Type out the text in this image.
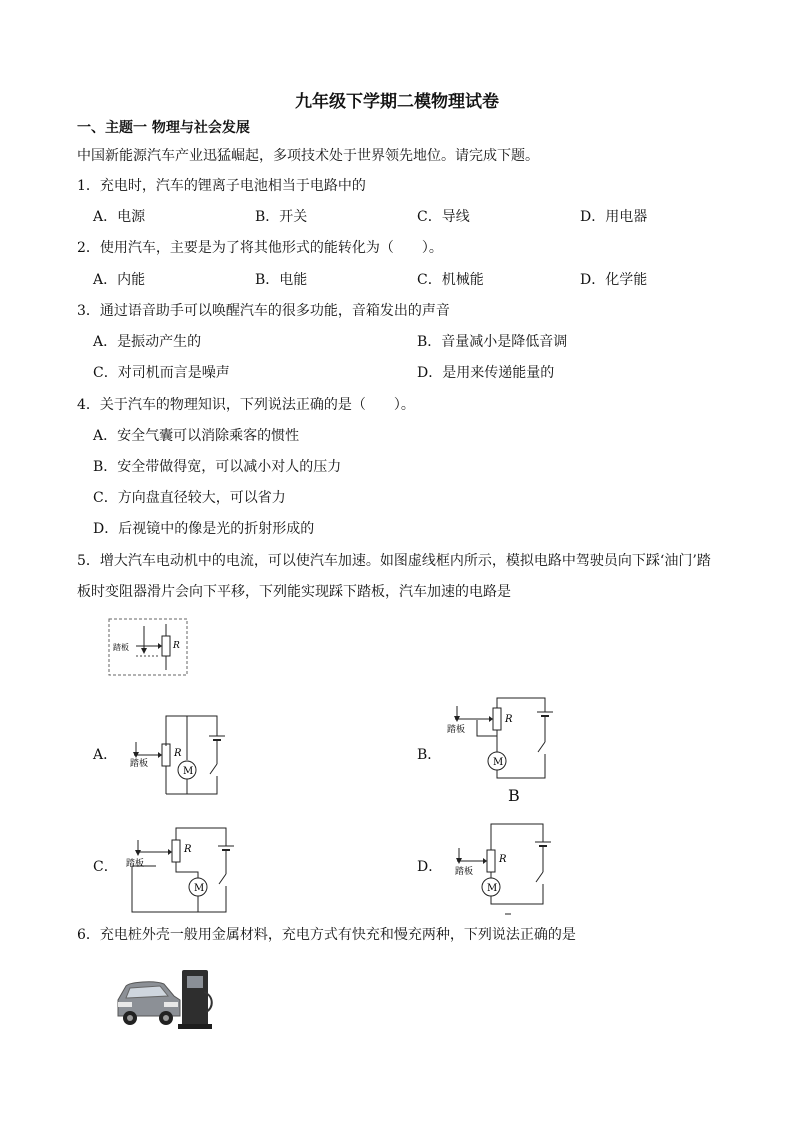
九年级下学期二模物理试卷
一、主题一 物理与社会发展
中国新能源汽车产业迅猛崛起，多项技术处于世界领先地位。请完成下题。
1．充电时，汽车的锂离子电池相当于电路中的
A．电源	B．开关	C．导线	D．用电器
2．使用汽车，主要是为了将其他形式的能转化为（　　）。
A．内能	B．电能	C．机械能	D．化学能
3．通过语音助手可以唤醒汽车的很多功能，音箱发出的声音
A．是振动产生的	B．音量减小是降低音调
C．对司机而言是噪声	D．是用来传递能量的
4．关于汽车的物理知识，下列说法正确的是（　　）。
A．安全气囊可以消除乘客的惯性
B．安全带做得宽，可以减小对人的压力
C．方向盘直径较大，可以省力
D．后视镜中的像是光的折射形成的
5．增大汽车电动机中的电流，可以使汽车加速。如图虚线框内所示，模拟电路中驾驶员向下踩‘油门’踏
板时变阻器滑片会向下平移，下列能实现踩下踏板，汽车加速的电路是
踏板	R
A．
M
R
踏板
B．	M
R
踏板
B
C．
M
R
踏板	D．
M
R
踏板
6．充电桩外壳一般用金属材料，充电方式有快充和慢充两种，下列说法正确的是
